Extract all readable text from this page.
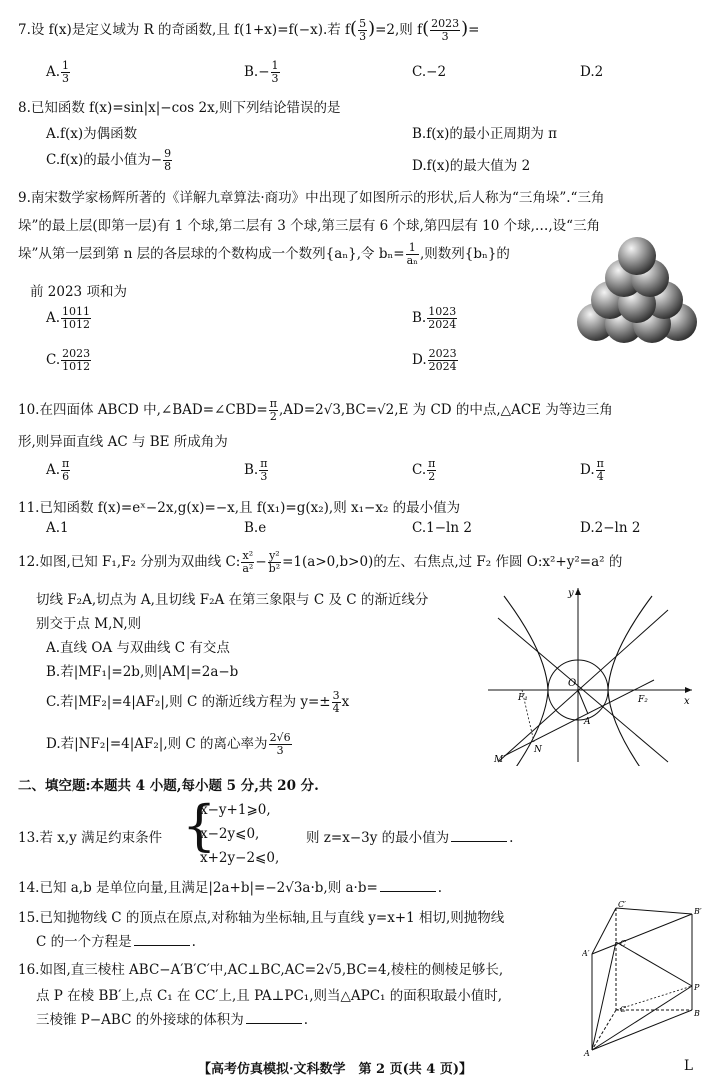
7.设 f(x)是定义域为 R 的奇函数,且 f(1+x)=f(−x).若 $f( \frac{5}{3} )=2$,则 $f( \frac{2023}{3}$ )=
A. $\frac{1}{3}$	$B.- \frac{1}{3}$	C.−2	D.2
8.已知函数 f(x)=sin|x|−cos 2x,则下列结论错误的是
A.f(x)为偶函数	B.f(x)的最小正周期为 π
C.f(x)的最小值为− $\frac{9}{8}$	D.f(x)的最大值为 2
9.南宋数学家杨辉所著的《详解九章算法·商功》中出现了如图所示的形状,后人称为“三角垛”.“三角
垛”的最上层(即第一层)有 1 个球,第二层有 3 个球,第三层有 6 个球,第四层有 10 个球,…,设“三角
垛”从第一层到第 n 层的各层球的个数构成一个数列{aₙ},令 $b_n= \frac{1}{\text{aₙ}}$ ,则数列{bₙ}的
前 2023 项和为
A. $\frac{1011}{1012}$	B. $\frac{1023}{2024}$
C. $\frac{2023}{1012}$	D. $\frac{2023}{2024}$
10.在四面体 ABCD 中,∠BAD=∠CBD= $\frac{\pi}{2} ,AD=2√3,BC=√2,E$ 为 CD 的中点,△ACE 为等边三角
形,则异面直线 AC 与 BE 所成角为
A. $\frac{\pi}{6}$	B. $\frac{\pi}{3}$	C. $\frac{\pi}{2}$	D. $\frac{\pi}{4}$
11.已知函数 f(x)=eˣ−2x,g(x)=−x,且 f(x₁)=g(x₂),则 x₁−x₂ 的最小值为
A.1	B.e	C.1−ln 2	D.2−ln 2
12.如图,已知 F₁,F₂ 分别为双曲线 C: $\frac{\text{x²}}{\text{a²}} - \frac{\text{y²}}{\text{b²}} =1(a>0,b>0)$的左、右焦点,过 F₂ 作圆 O:x²+y²=a² 的
切线 F₂A,切点为 A,且切线 F₂A 在第三象限与 C 及 C 的渐近线分
别交于点 M,N,则
A.直线 OA 与双曲线 C 有交点
B.若|MF₁|=2b,则|AM|=2a−b
C.若|MF₂|=4|AF₂|,则 C 的渐近线方程为 $y=\pm \frac{3}{4}$ x
D.若|NF₂|=4|AF₂|,则 C 的离心率为 $\frac{2√6}{3}$
y
x
O
F₁	F₂
A
M
N
二、填空题:本题共 4 小题,每小题 5 分,共 20 分.
13.若 x,y 满足约束条件 {
x−y+1⩾0,
x−2y⩽0,
x+2y−2⩽0,
则 z=x−3y 的最小值为	.
14.已知 a,b 是单位向量,且满足|2a+b|=−2√3a·b,则 a·b=	.
15.已知抛物线 C 的顶点在原点,对称轴为坐标轴,且与直线 y=x+1 相切,则抛物线
C 的一个方程是	.
16.如图,直三棱柱 ABC−A′B′C′中,AC⊥BC,AC=2√5,BC=4,棱柱的侧棱足够长,
点 P 在棱 BB′上,点 C₁ 在 CC′上,且 PA⊥PC₁,则当△APC₁ 的面积取最小值时,
三棱锥 P−ABC 的外接球的体积为	.
C′
B′
A′
C
P
C	B
A
【高考仿真模拟·文科数学　第 2 页(共 4 页)】	L
